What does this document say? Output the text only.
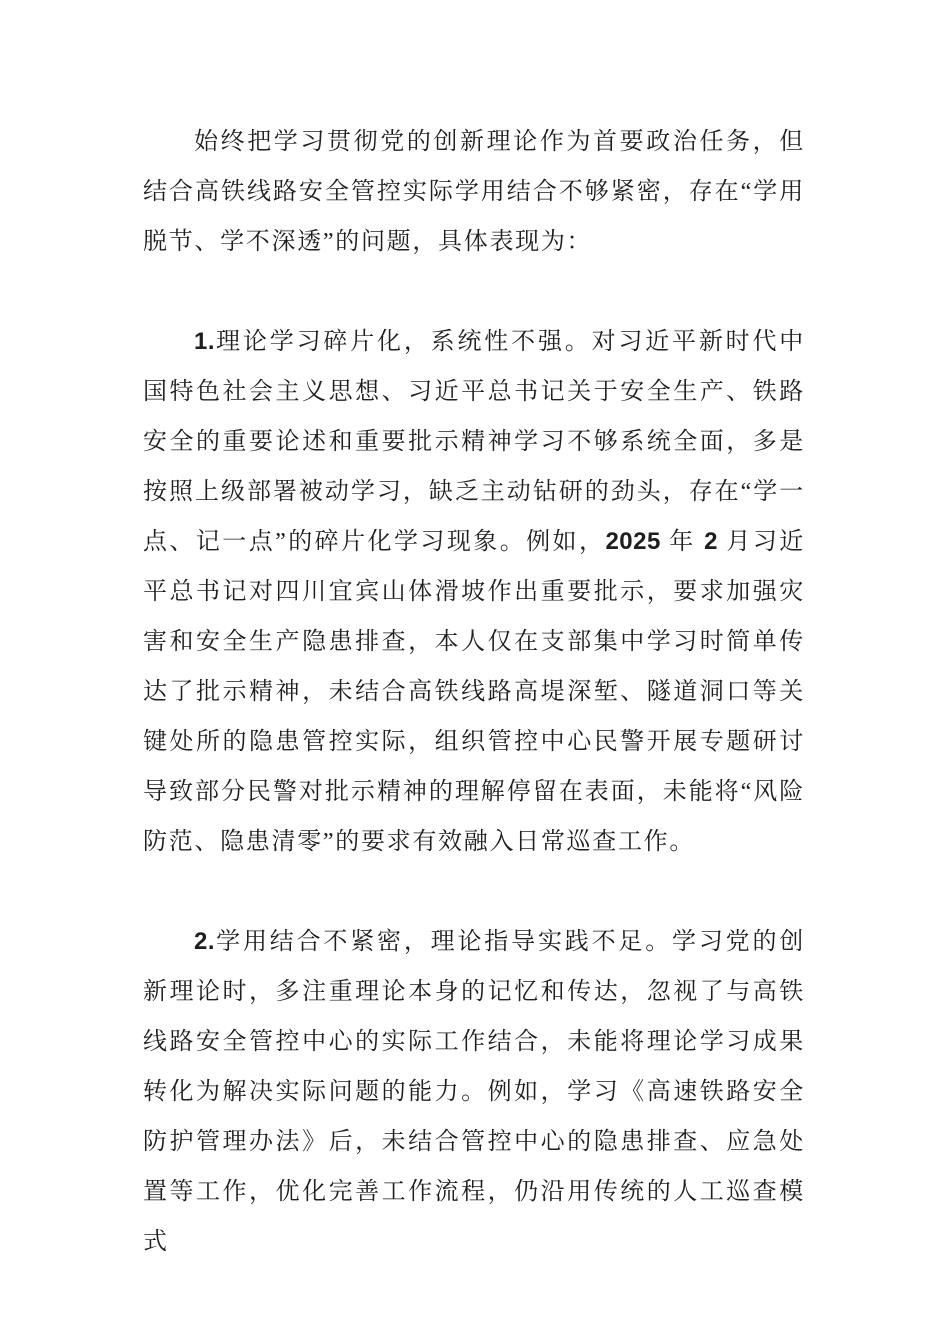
始终把学习贯彻党的创新理论作为首要政治任务，但结合高铁线路安全管控实际学用结合不够紧密，存在“学用脱节、学不深透”的问题，具体表现为：

1.理论学习碎片化，系统性不强。对习近平新时代中国特色社会主义思想、习近平总书记关于安全生产、铁路安全的重要论述和重要批示精神学习不够系统全面，多是按照上级部署被动学习，缺乏主动钻研的劲头，存在“学一点、记一点”的碎片化学习现象。例如，2025 年 2 月习近平总书记对四川宜宾山体滑坡作出重要批示，要求加强灾害和安全生产隐患排查，本人仅在支部集中学习时简单传达了批示精神，未结合高铁线路高堤深堑、隧道洞口等关键处所的隐患管控实际，组织管控中心民警开展专题研讨导致部分民警对批示精神的理解停留在表面，未能将“风险防范、隐患清零”的要求有效融入日常巡查工作。

2.学用结合不紧密，理论指导实践不足。学习党的创新理论时，多注重理论本身的记忆和传达，忽视了与高铁线路安全管控中心的实际工作结合，未能将理论学习成果转化为解决实际问题的能力。例如，学习《高速铁路安全防护管理办法》后，未结合管控中心的隐患排查、应急处置等工作，优化完善工作流程，仍沿用传统的人工巡查模式
